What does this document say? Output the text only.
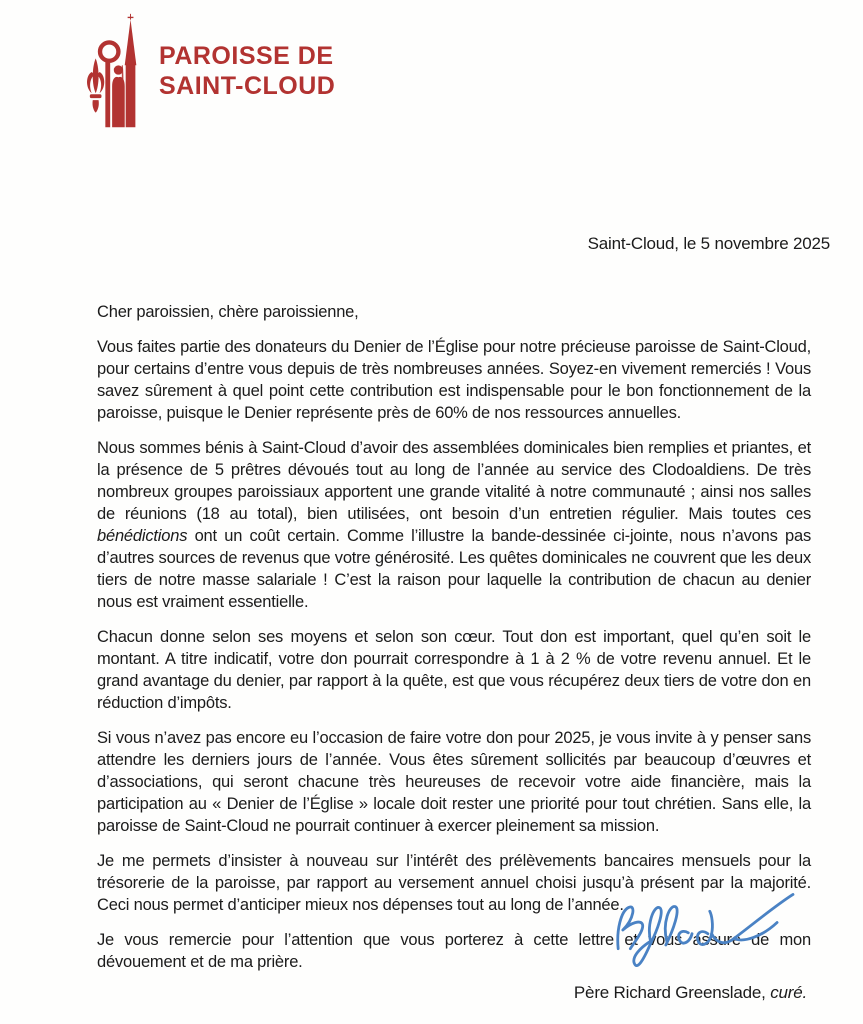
PAROISSE DE
SAINT-CLOUD
Saint-Cloud, le 5 novembre 2025

Cher paroissien, chère paroissienne,

Vous faites partie des donateurs du Denier de l’Église pour notre précieuse paroisse de Saint-Cloud, pour certains d’entre vous depuis de très nombreuses années. Soyez-en vivement remerciés ! Vous savez sûrement à quel point cette contribution est indispensable pour le bon fonctionnement de la paroisse, puisque le Denier représente près de 60% de nos ressources annuelles.

Nous sommes bénis à Saint-Cloud d’avoir des assemblées dominicales bien remplies et priantes, et la présence de 5 prêtres dévoués tout au long de l’année au service des Clodoaldiens. De très nombreux groupes paroissiaux apportent une grande vitalité à notre communauté ; ainsi nos salles de réunions (18 au total), bien utilisées, ont besoin d’un entretien régulier. Mais toutes ces bénédictions ont un coût certain. Comme l’illustre la bande-dessinée ci-jointe, nous n’avons pas d’autres sources de revenus que votre générosité. Les quêtes dominicales ne couvrent que les deux tiers de notre masse salariale ! C’est la raison pour laquelle la contribution de chacun au denier nous est vraiment essentielle.

Chacun donne selon ses moyens et selon son cœur. Tout don est important, quel qu’en soit le montant. A titre indicatif, votre don pourrait correspondre à 1 à 2 % de votre revenu annuel. Et le grand avantage du denier, par rapport à la quête, est que vous récupérez deux tiers de votre don en réduction d’impôts.

Si vous n’avez pas encore eu l’occasion de faire votre don pour 2025, je vous invite à y penser sans attendre les derniers jours de l’année. Vous êtes sûrement sollicités par beaucoup d’œuvres et d’associations, qui seront chacune très heureuses de recevoir votre aide financière, mais la participation au « Denier de l’Église » locale doit rester une priorité pour tout chrétien. Sans elle, la paroisse de Saint-Cloud ne pourrait continuer à exercer pleinement sa mission.

Je me permets d’insister à nouveau sur l’intérêt des prélèvements bancaires mensuels pour la trésorerie de la paroisse, par rapport au versement annuel choisi jusqu’à présent par la majorité. Ceci nous permet d’anticiper mieux nos dépenses tout au long de l’année.

Je vous remercie pour l’attention que vous porterez à cette lettre et vous assure de mon dévouement et de ma prière.

Père Richard Greenslade, curé.
